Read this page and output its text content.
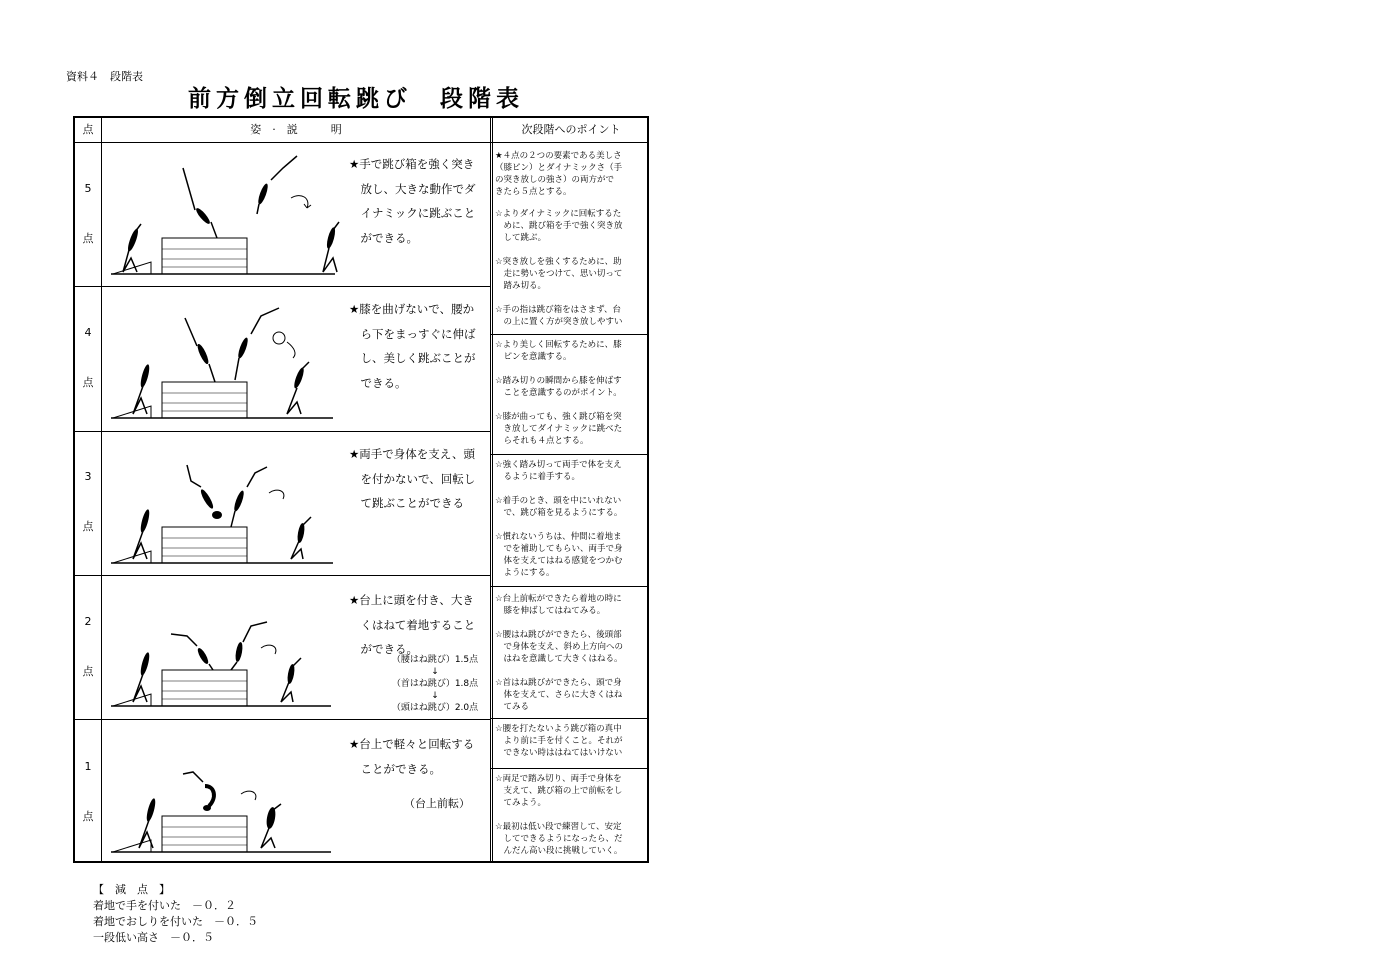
資料４　段階表
前方倒立回転跳び　段階表
点	姿　·　説　　　明	次段階へのポイント
5
点
★手で跳び箱を強く突き
　放し、大きな動作でダ
　イナミックに跳ぶこと
　ができる。
4
点
★膝を曲げないで、腰か
　ら下をまっすぐに伸ば
　し、美しく跳ぶことが
　できる。
3
点
★両手で身体を支え、頭
　を付かないで、回転し
　て跳ぶことができる
2
点
★台上に頭を付き、大き
　くはねて着地すること
　ができる。
（腰はね跳び）1.5点
↓
（首はね跳び）1.8点
↓
（頭はね跳び）2.0点
1
点
★台上で軽々と回転する
　ことができる。
（台上前転）
★４点の２つの要素である美しさ
（膝ピン）とダイナミックさ（手
の突き放しの強さ）の両方がで
きたら５点とする。
☆よりダイナミックに回転するた
　めに、跳び箱を手で強く突き放
　して跳ぶ。
☆突き放しを強くするために、助
　走に勢いをつけて、思い切って
　踏み切る。
☆手の指は跳び箱をはさまず、台
　の上に置く方が突き放しやすい
☆より美しく回転するために、膝
　ピンを意識する。
☆踏み切りの瞬間から膝を伸ばす
　ことを意識するのがポイント。
☆膝が曲っても、強く跳び箱を突
　き放してダイナミックに跳べた
　らそれも４点とする。
☆強く踏み切って両手で体を支え
　るように着手する。
☆着手のとき、頭を中にいれない
　で、跳び箱を見るようにする。
☆慣れないうちは、仲間に着地ま
　でを補助してもらい、両手で身
　体を支えてはねる感覚をつかむ
　ようにする。
☆台上前転ができたら着地の時に
　膝を伸ばしてはねてみる。
☆腰はね跳びができたら、後頭部
　で身体を支え、斜め上方向への
　はねを意識して大きくはねる。
☆首はね跳びができたら、頭で身
　体を支えて、さらに大きくはね
　てみる
☆腰を打たないよう跳び箱の真中
　より前に手を付くこと。それが
　できない時ははねてはいけない
☆両足で踏み切り、両手で身体を
　支えて、跳び箱の上で前転をし
　てみよう。
☆最初は低い段で練習して、安定
　してできるようになったら、だ
　んだん高い段に挑戦していく。

【　減　点　】　
着地で手を付いた　－０．２　　
着地でおしりを付いた　－０．５　　
一段低い高さ　－０．５
